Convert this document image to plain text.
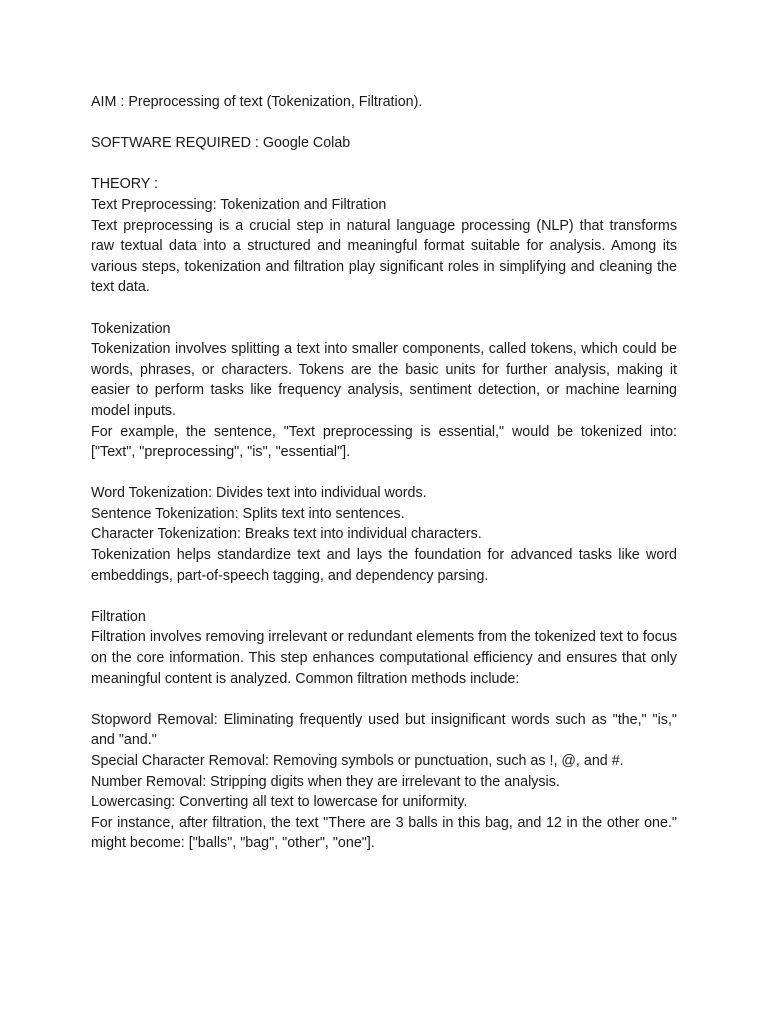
AIM : Preprocessing of text (Tokenization, Filtration).

SOFTWARE REQUIRED : Google Colab

THEORY :

Text Preprocessing: Tokenization and Filtration

Text preprocessing is a crucial step in natural language processing (NLP) that transforms raw textual data into a structured and meaningful format suitable for analysis. Among its various steps, tokenization and filtration play significant roles in simplifying and cleaning the text data.

Tokenization

Tokenization involves splitting a text into smaller components, called tokens, which could be words, phrases, or characters. Tokens are the basic units for further analysis, making it easier to perform tasks like frequency analysis, sentiment detection, or machine learning model inputs.

For example, the sentence, "Text preprocessing is essential," would be tokenized into: ["Text", "preprocessing", "is", "essential"].

Word Tokenization: Divides text into individual words.

Sentence Tokenization: Splits text into sentences.

Character Tokenization: Breaks text into individual characters.

Tokenization helps standardize text and lays the foundation for advanced tasks like word embeddings, part-of-speech tagging, and dependency parsing.

Filtration

Filtration involves removing irrelevant or redundant elements from the tokenized text to focus on the core information. This step enhances computational efficiency and ensures that only meaningful content is analyzed. Common filtration methods include:

Stopword Removal: Eliminating frequently used but insignificant words such as "the," "is," and "and."

Special Character Removal: Removing symbols or punctuation, such as !, @, and #.

Number Removal: Stripping digits when they are irrelevant to the analysis.

Lowercasing: Converting all text to lowercase for uniformity.

For instance, after filtration, the text "There are 3 balls in this bag, and 12 in the other one." might become: ["balls", "bag", "other", "one"].
